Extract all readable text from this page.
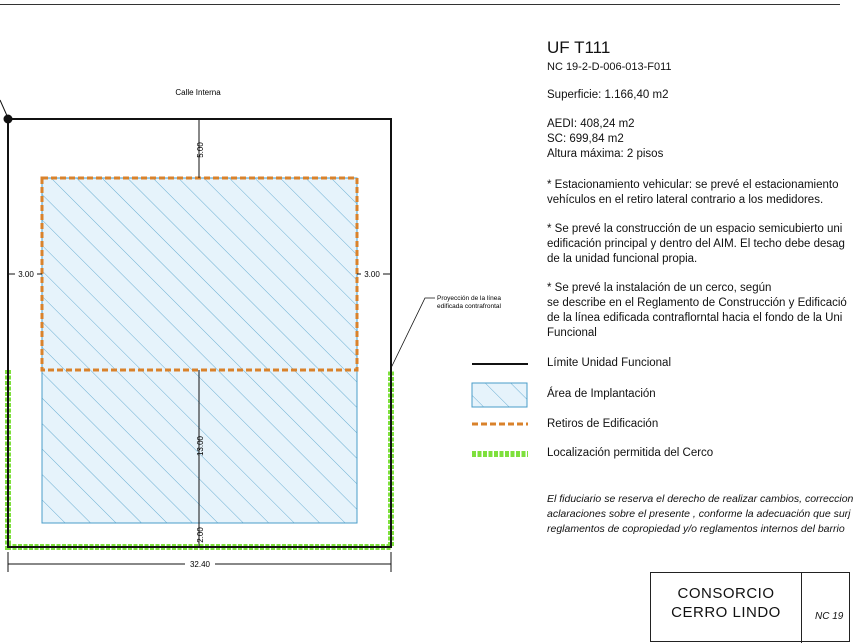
5.00
3.00	3.00
13.00
2.00
32.40
Calle Interna
Proyección de la línea
edificada contrafrontal
UF T111
NC 19-2-D-006-013-F011
Superficie: 1.166,40 m2
AEDI: 408,24 m2
SC: 699,84 m2
Altura máxima: 2 pisos
* Estacionamiento vehicular: se prevé el estacionamiento
vehículos en el retiro lateral contrario a los medidores.
* Se prevé la construcción de un espacio semicubierto uni
edificación principal y dentro del AIM. El techo debe desag
de la unidad funcional propia.
* Se prevé la instalación de un cerco, según
se describe en el Reglamento de Construcción y Edificació
de la línea edificada contraflorntal hacia el fondo de la Uni
Funcional
Límite Unidad Funcional
Área de Implantación
Retiros de Edificación
Localización permitida del Cerco
El fiduciario se reserva el derecho de realizar cambios, correccion
aclaraciones sobre el presente , conforme la adecuación que surj
reglamentos de copropiedad y/o reglamentos internos del barrio
CONSORCIO
CERRO LINDO	NC 19
